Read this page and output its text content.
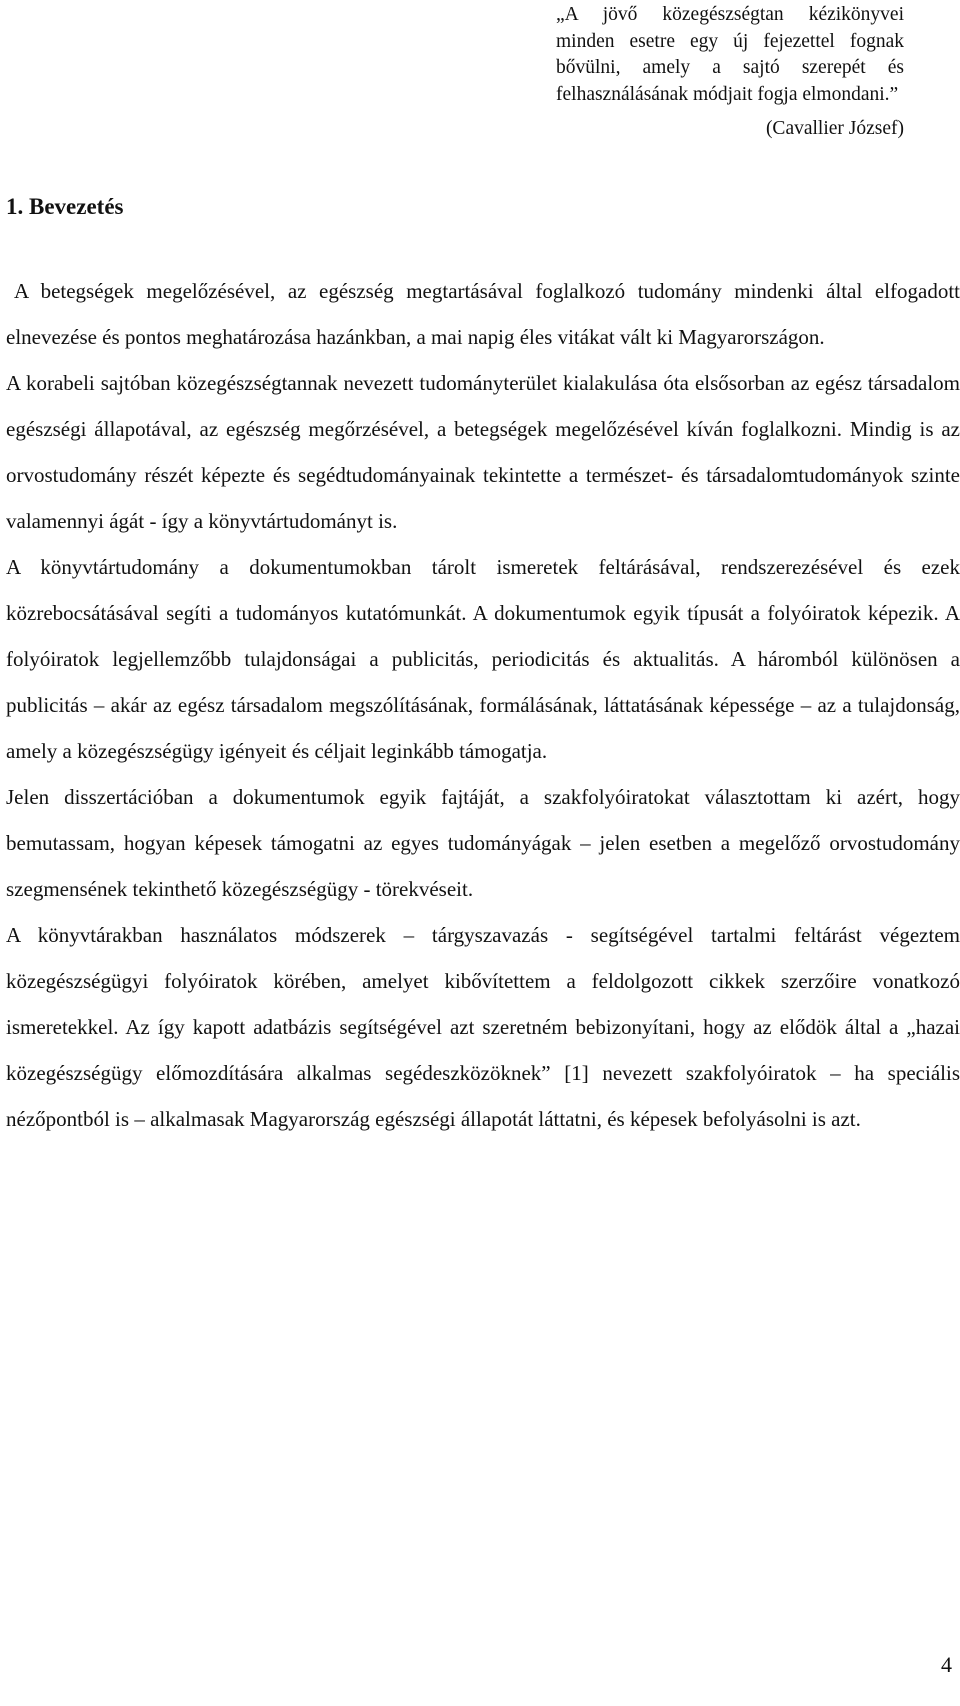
„A jövő közegészségtan kézikönyvei minden esetre egy új fejezettel fognak bővülni, amely a sajtó szerepét és felhasználásának módjait fogja elmondani.”

(Cavallier József)

1. Bevezetés

A betegségek megelőzésével, az egészség megtartásával foglalkozó tudomány mindenki által elfogadott elnevezése és pontos meghatározása hazánkban, a mai napig éles vitákat vált ki Magyarországon.

A korabeli sajtóban közegészségtannak nevezett tudományterület kialakulása óta elsősorban az egész társadalom egészségi állapotával, az egészség megőrzésével, a betegségek megelőzésével kíván foglalkozni. Mindig is az orvostudomány részét képezte és segédtudományainak tekintette a természet- és társadalomtudományok szinte valamennyi ágát - így a könyvtártudományt is.

A könyvtártudomány a dokumentumokban tárolt ismeretek feltárásával, rendszerezésével és ezek közrebocsátásával segíti a tudományos kutatómunkát. A dokumentumok egyik típusát a folyóiratok képezik. A folyóiratok legjellemzőbb tulajdonságai a publicitás, periodicitás és aktualitás. A háromból különösen a publicitás – akár az egész társadalom megszólításának, formálásának, láttatásának képessége – az a tulajdonság, amely a közegészségügy igényeit és céljait leginkább támogatja.

Jelen disszertációban a dokumentumok egyik fajtáját, a szakfolyóiratokat választottam ki azért, hogy bemutassam, hogyan képesek támogatni az egyes tudományágak – jelen esetben a megelőző orvostudomány szegmensének tekinthető közegészségügy - törekvéseit.

A könyvtárakban használatos módszerek – tárgyszavazás - segítségével tartalmi feltárást végeztem közegészségügyi folyóiratok körében, amelyet kibővítettem a feldolgozott cikkek szerzőire vonatkozó ismeretekkel. Az így kapott adatbázis segítségével azt szeretném bebizonyítani, hogy az elődök által a „hazai közegészségügy előmozdítására alkalmas segédeszközöknek” [1] nevezett szakfolyóiratok – ha speciális nézőpontból is – alkalmasak Magyarország egészségi állapotát láttatni, és képesek befolyásolni is azt.

4
